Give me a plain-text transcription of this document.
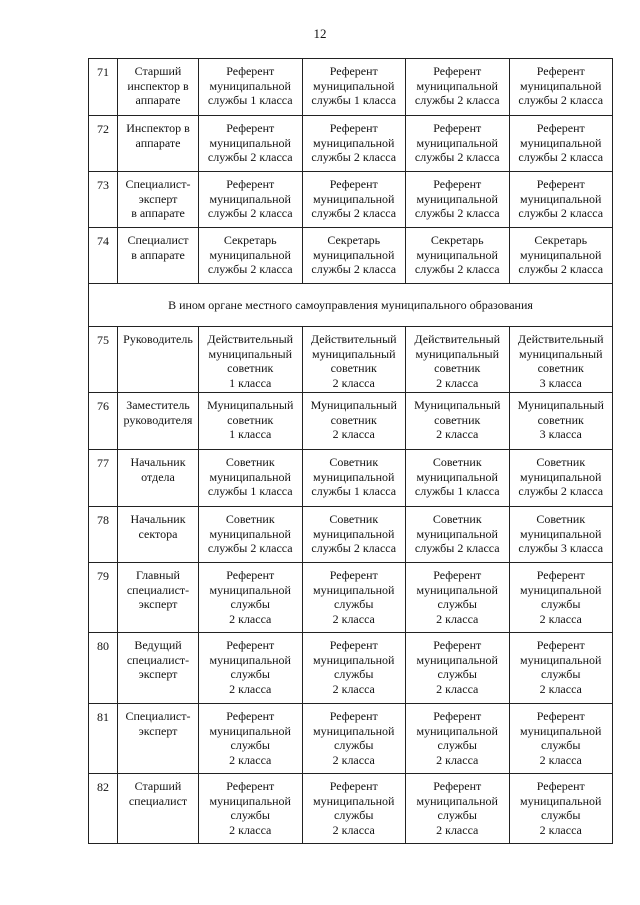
12
71	Старший
инспектор в
аппарате	Референт
муниципальной
службы 1 класса	Референт
муниципальной
службы 1 класса	Референт
муниципальной
службы 2 класса	Референт
муниципальной
службы 2 класса
72	Инспектор в
аппарате	Референт
муниципальной
службы 2 класса	Референт
муниципальной
службы 2 класса	Референт
муниципальной
службы 2 класса	Референт
муниципальной
службы 2 класса
73	Специалист-
эксперт
в аппарате	Референт
муниципальной
службы 2 класса	Референт
муниципальной
службы 2 класса	Референт
муниципальной
службы 2 класса	Референт
муниципальной
службы 2 класса
74	Специалист
в аппарате	Секретарь
муниципальной
службы 2 класса	Секретарь
муниципальной
службы 2 класса	Секретарь
муниципальной
службы 2 класса	Секретарь
муниципальной
службы 2 класса
В ином органе местного самоуправления муниципального образования					
75	Руководитель	Действительный
муниципальный
советник
1 класса	Действительный
муниципальный
советник
2 класса	Действительный
муниципальный
советник
2 класса	Действительный
муниципальный
советник
3 класса
76	Заместитель
руководителя	Муниципальный
советник
1 класса	Муниципальный
советник
2 класса	Муниципальный
советник
2 класса	Муниципальный
советник
3 класса
77	Начальник
отдела	Советник
муниципальной
службы 1 класса	Советник
муниципальной
службы 1 класса	Советник
муниципальной
службы 1 класса	Советник
муниципальной
службы 2 класса
78	Начальник
сектора	Советник
муниципальной
службы 2 класса	Советник
муниципальной
службы 2 класса	Советник
муниципальной
службы 2 класса	Советник
муниципальной
службы 3 класса
79	Главный
специалист-
эксперт	Референт
муниципальной
службы
2 класса	Референт
муниципальной
службы
2 класса	Референт
муниципальной
службы
2 класса	Референт
муниципальной
службы
2 класса
80	Ведущий
специалист-
эксперт	Референт
муниципальной
службы
2 класса	Референт
муниципальной
службы
2 класса	Референт
муниципальной
службы
2 класса	Референт
муниципальной
службы
2 класса
81	Специалист-
эксперт	Референт
муниципальной
службы
2 класса	Референт
муниципальной
службы
2 класса	Референт
муниципальной
службы
2 класса	Референт
муниципальной
службы
2 класса
82	Старший
специалист	Референт
муниципальной
службы
2 класса	Референт
муниципальной
службы
2 класса	Референт
муниципальной
службы
2 класса	Референт
муниципальной
службы
2 класса
